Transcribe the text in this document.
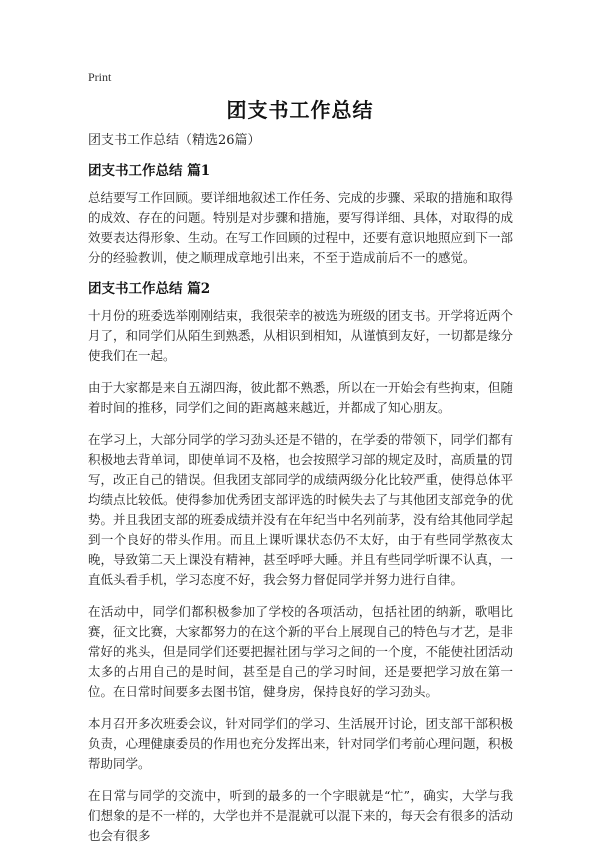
Print
团支书工作总结

团支书工作总结（精选26篇）

团支书工作总结 篇1

总结要写工作回顾。要详细地叙述工作任务、完成的步骤、采取的措施和取得的成效、存在的问题。特别是对步骤和措施，要写得详细、具体，对取得的成效要表达得形象、生动。在写工作回顾的过程中，还要有意识地照应到下一部分的经验教训，使之顺理成章地引出来，不至于造成前后不一的感觉。

团支书工作总结 篇2

十月份的班委选举刚刚结束，我很荣幸的被选为班级的团支书。开学将近两个月了，和同学们从陌生到熟悉，从相识到相知，从谨慎到友好，一切都是缘分使我们在一起。

由于大家都是来自五湖四海，彼此都不熟悉，所以在一开始会有些拘束，但随着时间的推移，同学们之间的距离越来越近，并都成了知心朋友。

在学习上，大部分同学的学习劲头还是不错的，在学委的带领下，同学们都有积极地去背单词，即使单词不及格，也会按照学习部的规定及时，高质量的罚写，改正自己的错误。但我团支部同学的成绩两级分化比较严重，使得总体平均绩点比较低。使得参加优秀团支部评选的时候失去了与其他团支部竞争的优势。并且我团支部的班委成绩并没有在年纪当中名列前茅，没有给其他同学起到一个良好的带头作用。而且上课听课状态仍不太好，由于有些同学熬夜太晚，导致第二天上课没有精神，甚至呼呼大睡。并且有些同学听课不认真，一直低头看手机，学习态度不好，我会努力督促同学并努力进行自律。

在活动中，同学们都积极参加了学校的各项活动，包括社团的纳新，歌唱比赛，征文比赛，大家都努力的在这个新的平台上展现自己的特色与才艺，是非常好的兆头，但是同学们还要把握社团与学习之间的一个度，不能使社团活动太多的占用自己的是时间，甚至是自己的学习时间，还是要把学习放在第一位。在日常时间要多去图书馆，健身房，保持良好的学习劲头。

本月召开多次班委会议，针对同学们的学习、生活展开讨论，团支部干部积极负责，心理健康委员的作用也充分发挥出来，针对同学们考前心理问题，积极帮助同学。

在日常与同学的交流中，听到的最多的一个字眼就是“忙”，确实，大学与我们想象的是不一样的，大学也并不是混就可以混下来的，每天会有很多的活动也会有很多
